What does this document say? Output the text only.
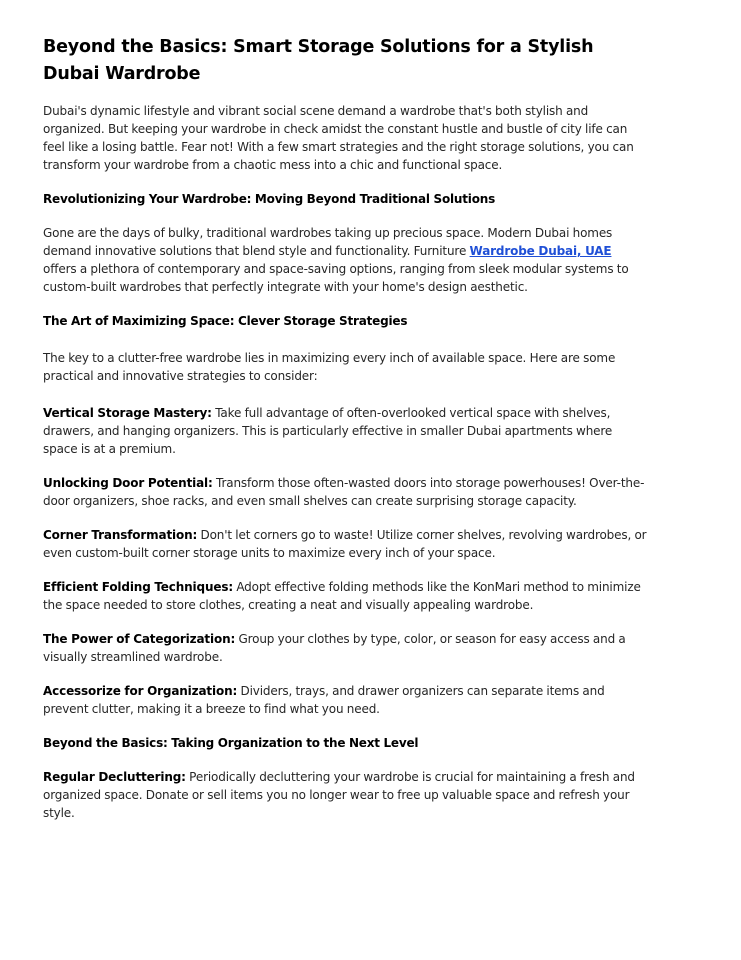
Beyond the Basics: Smart Storage Solutions for a Stylish Dubai Wardrobe

Dubai's dynamic lifestyle and vibrant social scene demand a wardrobe that's both stylish and organized. But keeping your wardrobe in check amidst the constant hustle and bustle of city life can feel like a losing battle. Fear not! With a few smart strategies and the right storage solutions, you can transform your wardrobe from a chaotic mess into a chic and functional space.

Revolutionizing Your Wardrobe: Moving Beyond Traditional Solutions

Gone are the days of bulky, traditional wardrobes taking up precious space. Modern Dubai homes demand innovative solutions that blend style and functionality. Furniture Wardrobe Dubai, UAE offers a plethora of contemporary and space-saving options, ranging from sleek modular systems to custom-built wardrobes that perfectly integrate with your home's design aesthetic.

The Art of Maximizing Space: Clever Storage Strategies

The key to a clutter-free wardrobe lies in maximizing every inch of available space. Here are some practical and innovative strategies to consider:

Vertical Storage Mastery: Take full advantage of often-overlooked vertical space with shelves, drawers, and hanging organizers. This is particularly effective in smaller Dubai apartments where space is at a premium.

Unlocking Door Potential: Transform those often-wasted doors into storage powerhouses! Over-the-door organizers, shoe racks, and even small shelves can create surprising storage capacity.

Corner Transformation: Don't let corners go to waste! Utilize corner shelves, revolving wardrobes, or even custom-built corner storage units to maximize every inch of your space.

Efficient Folding Techniques: Adopt effective folding methods like the KonMari method to minimize the space needed to store clothes, creating a neat and visually appealing wardrobe.

The Power of Categorization: Group your clothes by type, color, or season for easy access and a visually streamlined wardrobe.

Accessorize for Organization: Dividers, trays, and drawer organizers can separate items and prevent clutter, making it a breeze to find what you need.

Beyond the Basics: Taking Organization to the Next Level

Regular Decluttering: Periodically decluttering your wardrobe is crucial for maintaining a fresh and organized space. Donate or sell items you no longer wear to free up valuable space and refresh your style.
